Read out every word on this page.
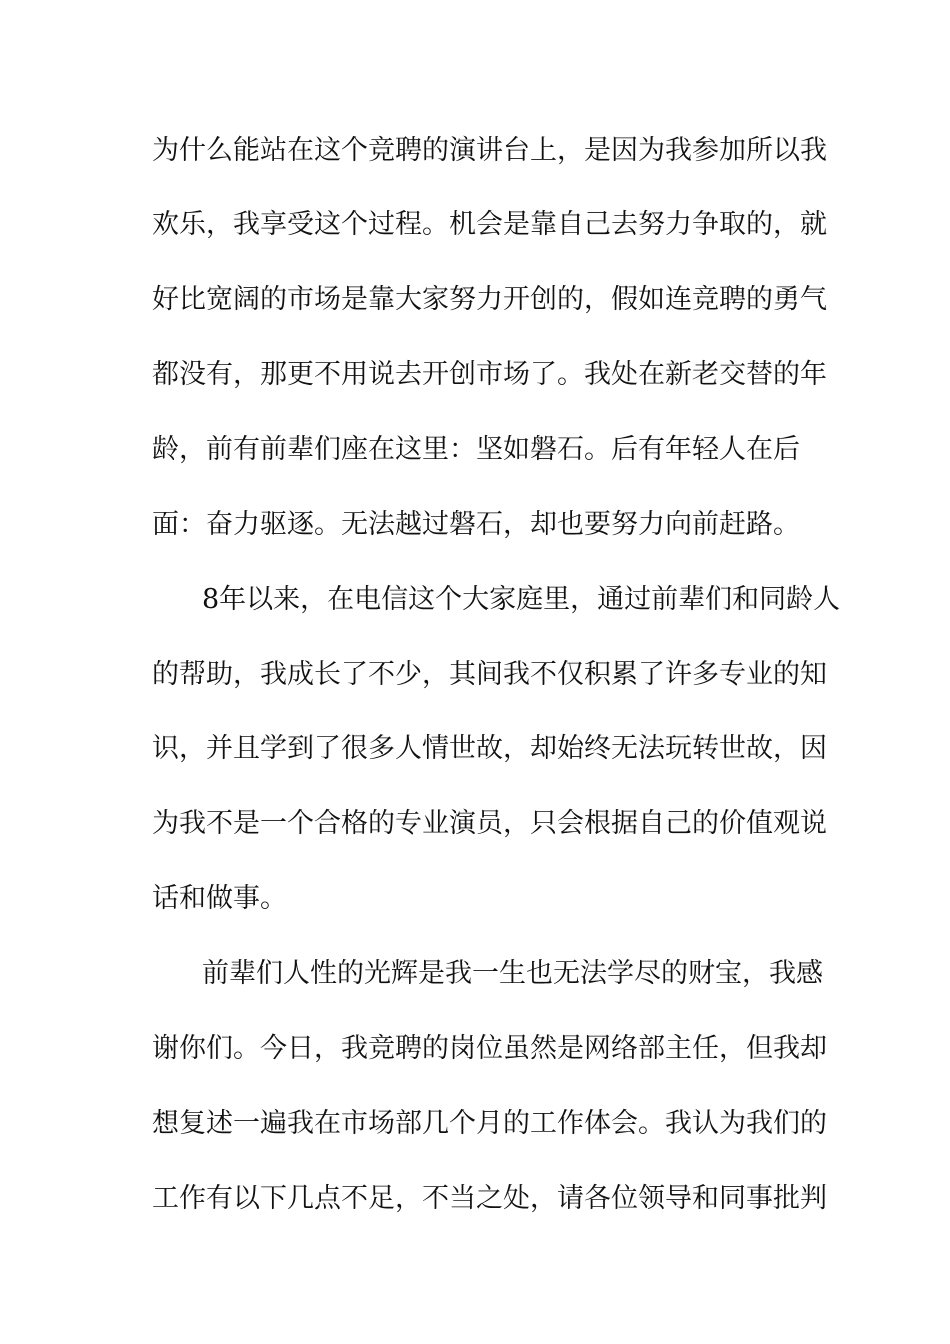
为什么能站在这个竞聘的演讲台上，是因为我参加所以我
欢乐，我享受这个过程。机会是靠自己去努力争取的，就
好比宽阔的市场是靠大家努力开创的，假如连竞聘的勇气
都没有，那更不用说去开创市场了。我处在新老交替的年
龄，前有前辈们座在这里：坚如磐石。后有年轻人在后
面：奋力驱逐。无法越过磐石，却也要努力向前赶路。
8年以来，在电信这个大家庭里，通过前辈们和同龄人
的帮助，我成长了不少，其间我不仅积累了许多专业的知
识，并且学到了很多人情世故，却始终无法玩转世故，因
为我不是一个合格的专业演员，只会根据自己的价值观说
话和做事。
前辈们人性的光辉是我一生也无法学尽的财宝，我感
谢你们。今日，我竞聘的岗位虽然是网络部主任，但我却
想复述一遍我在市场部几个月的工作体会。我认为我们的
工作有以下几点不足，不当之处，请各位领导和同事批判
